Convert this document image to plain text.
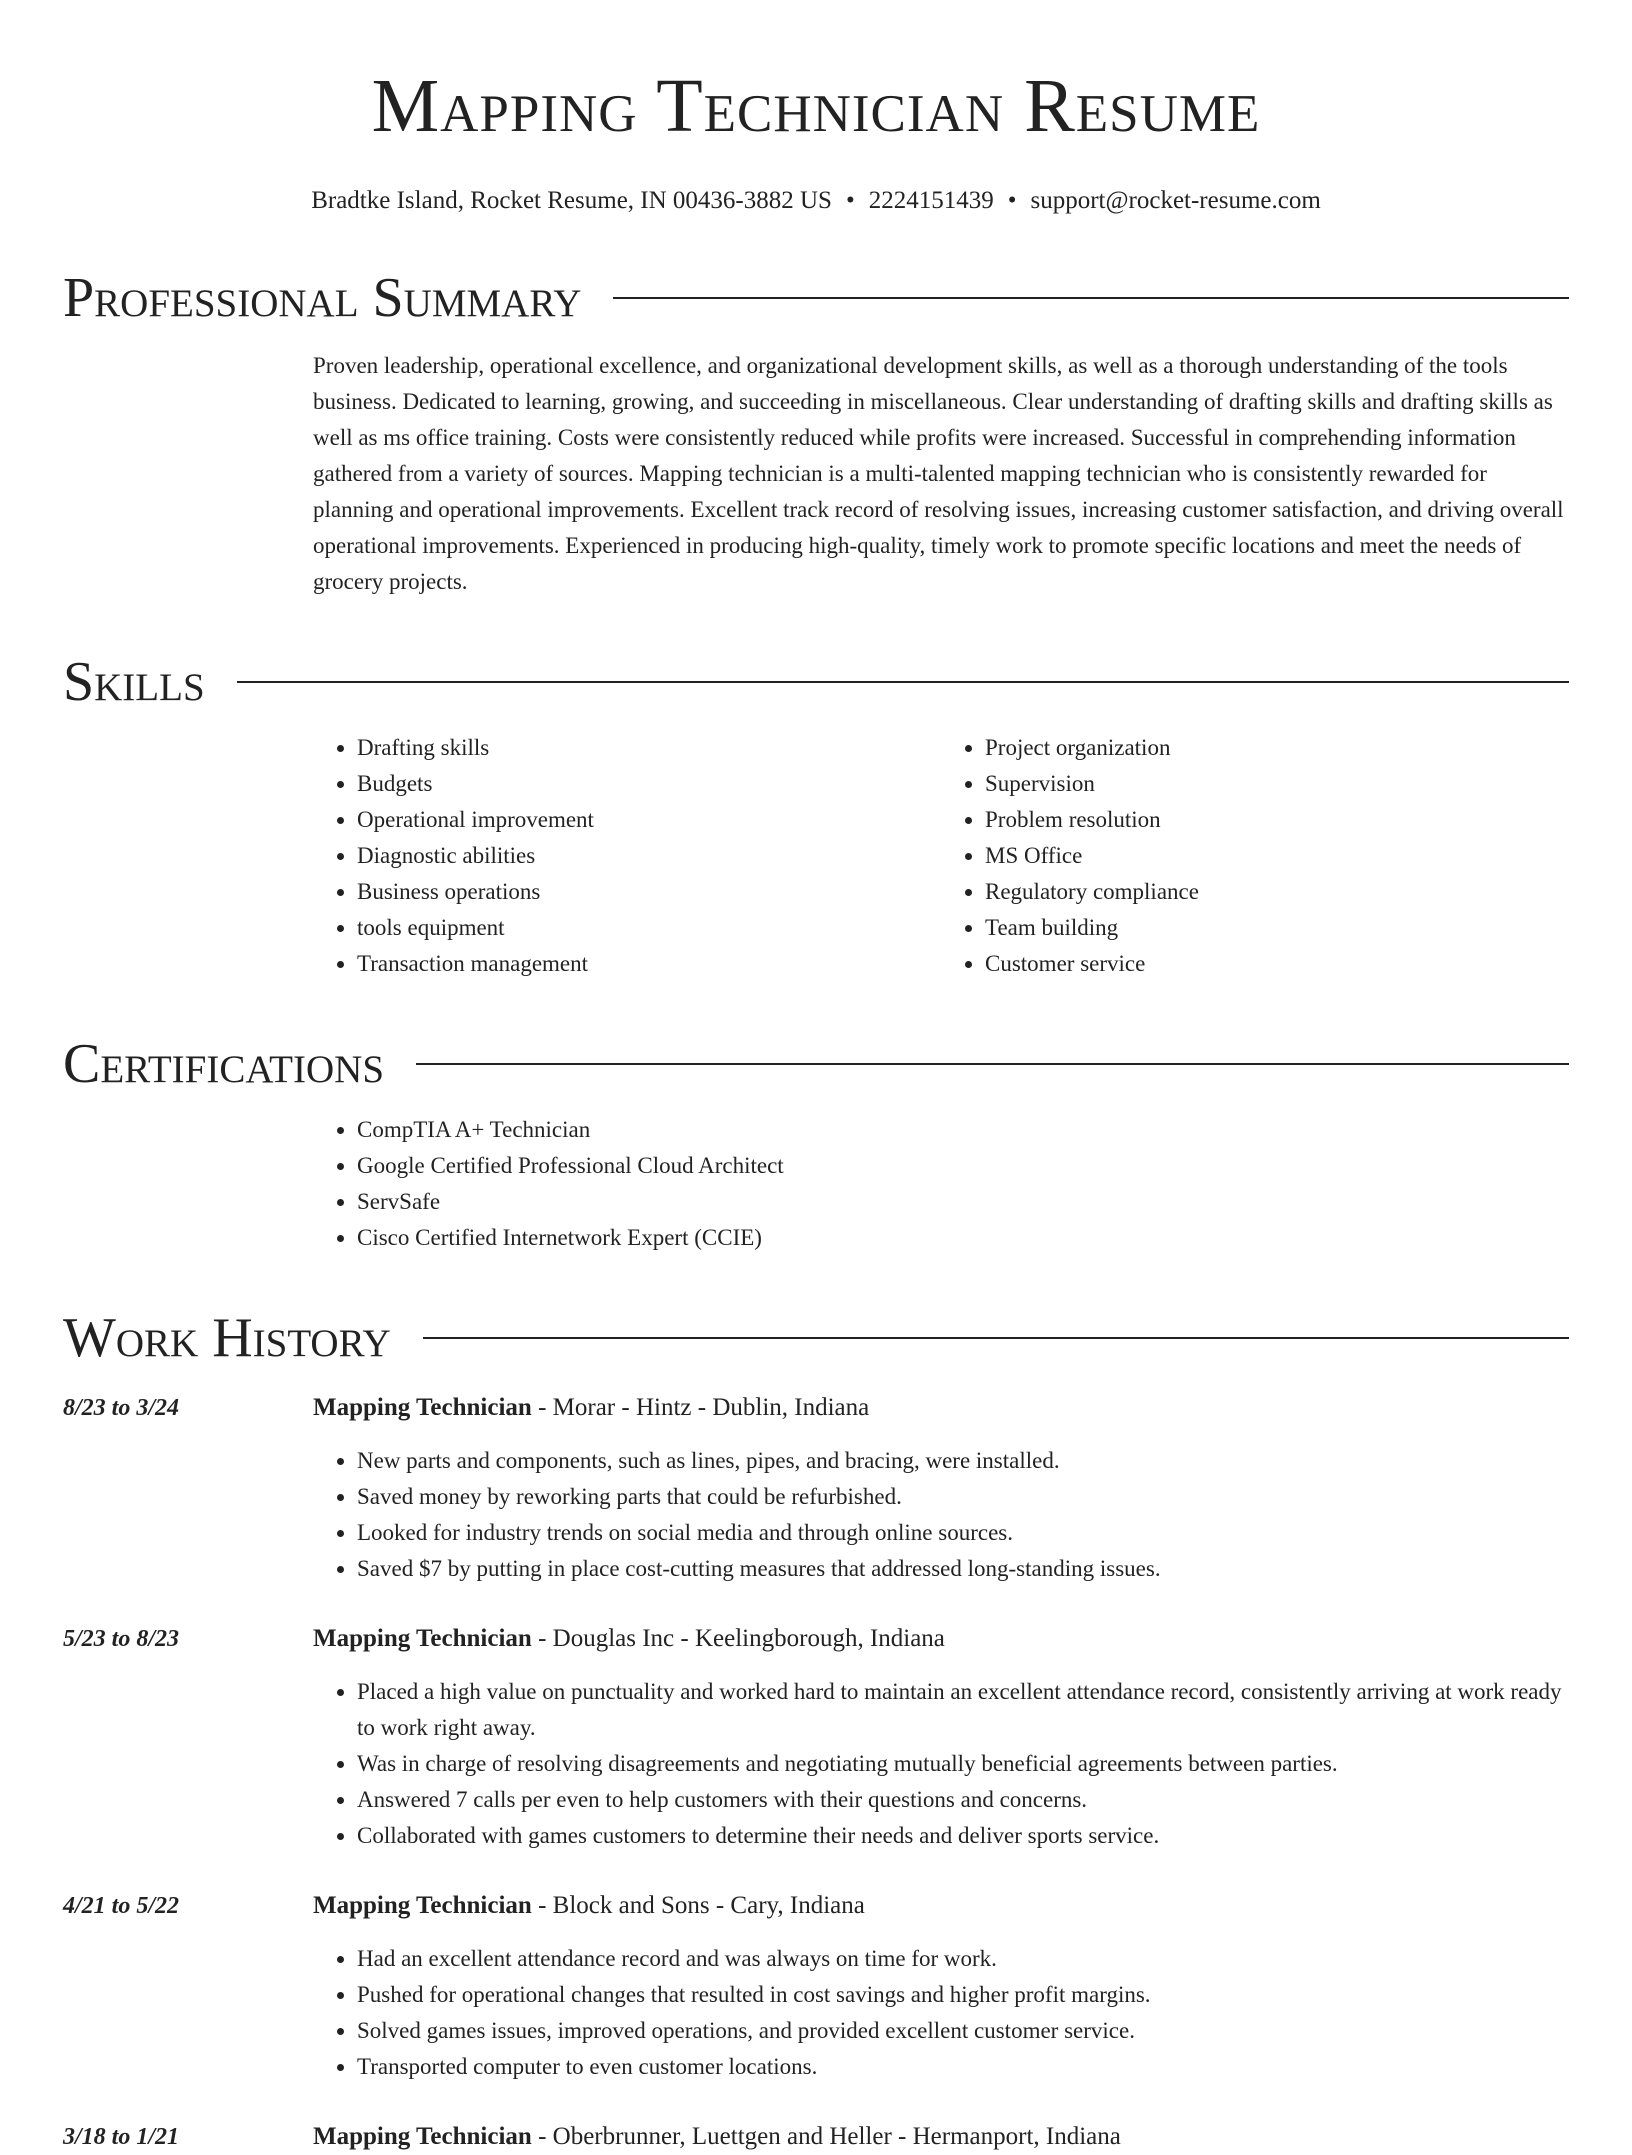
Mapping Technician Resume
Bradtke Island, Rocket Resume, IN 00436-3882 US • 2224151439 • support@rocket-resume.com
Professional Summary
Proven leadership, operational excellence, and organizational development skills, as well as a thorough understanding of the tools business. Dedicated to learning, growing, and succeeding in miscellaneous. Clear understanding of drafting skills and drafting skills as well as ms office training. Costs were consistently reduced while profits were increased. Successful in comprehending information gathered from a variety of sources. Mapping technician is a multi-talented mapping technician who is consistently rewarded for planning and operational improvements. Excellent track record of resolving issues, increasing customer satisfaction, and driving overall operational improvements. Experienced in producing high-quality, timely work to promote specific locations and meet the needs of grocery projects.
Skills
• Drafting skills
• Budgets
• Operational improvement
• Diagnostic abilities
• Business operations
• tools equipment
• Transaction management
• Project organization
• Supervision
• Problem resolution
• MS Office
• Regulatory compliance
• Team building
• Customer service
Certifications
• CompTIA A+ Technician
• Google Certified Professional Cloud Architect
• ServSafe
• Cisco Certified Internetwork Expert (CCIE)
Work History
8/23 to 3/24	Mapping Technician - Morar - Hintz - Dublin, Indiana
• New parts and components, such as lines, pipes, and bracing, were installed.
• Saved money by reworking parts that could be refurbished.
• Looked for industry trends on social media and through online sources.
• Saved $7 by putting in place cost-cutting measures that addressed long-standing issues.
5/23 to 8/23	Mapping Technician - Douglas Inc - Keelingborough, Indiana
• Placed a high value on punctuality and worked hard to maintain an excellent attendance record, consistently arriving at work ready to work right away.
• Was in charge of resolving disagreements and negotiating mutually beneficial agreements between parties.
• Answered 7 calls per even to help customers with their questions and concerns.
• Collaborated with games customers to determine their needs and deliver sports service.
4/21 to 5/22	Mapping Technician - Block and Sons - Cary, Indiana
• Had an excellent attendance record and was always on time for work.
• Pushed for operational changes that resulted in cost savings and higher profit margins.
• Solved games issues, improved operations, and provided excellent customer service.
• Transported computer to even customer locations.
3/18 to 1/21	Mapping Technician - Oberbrunner, Luettgen and Heller - Hermanport, Indiana
